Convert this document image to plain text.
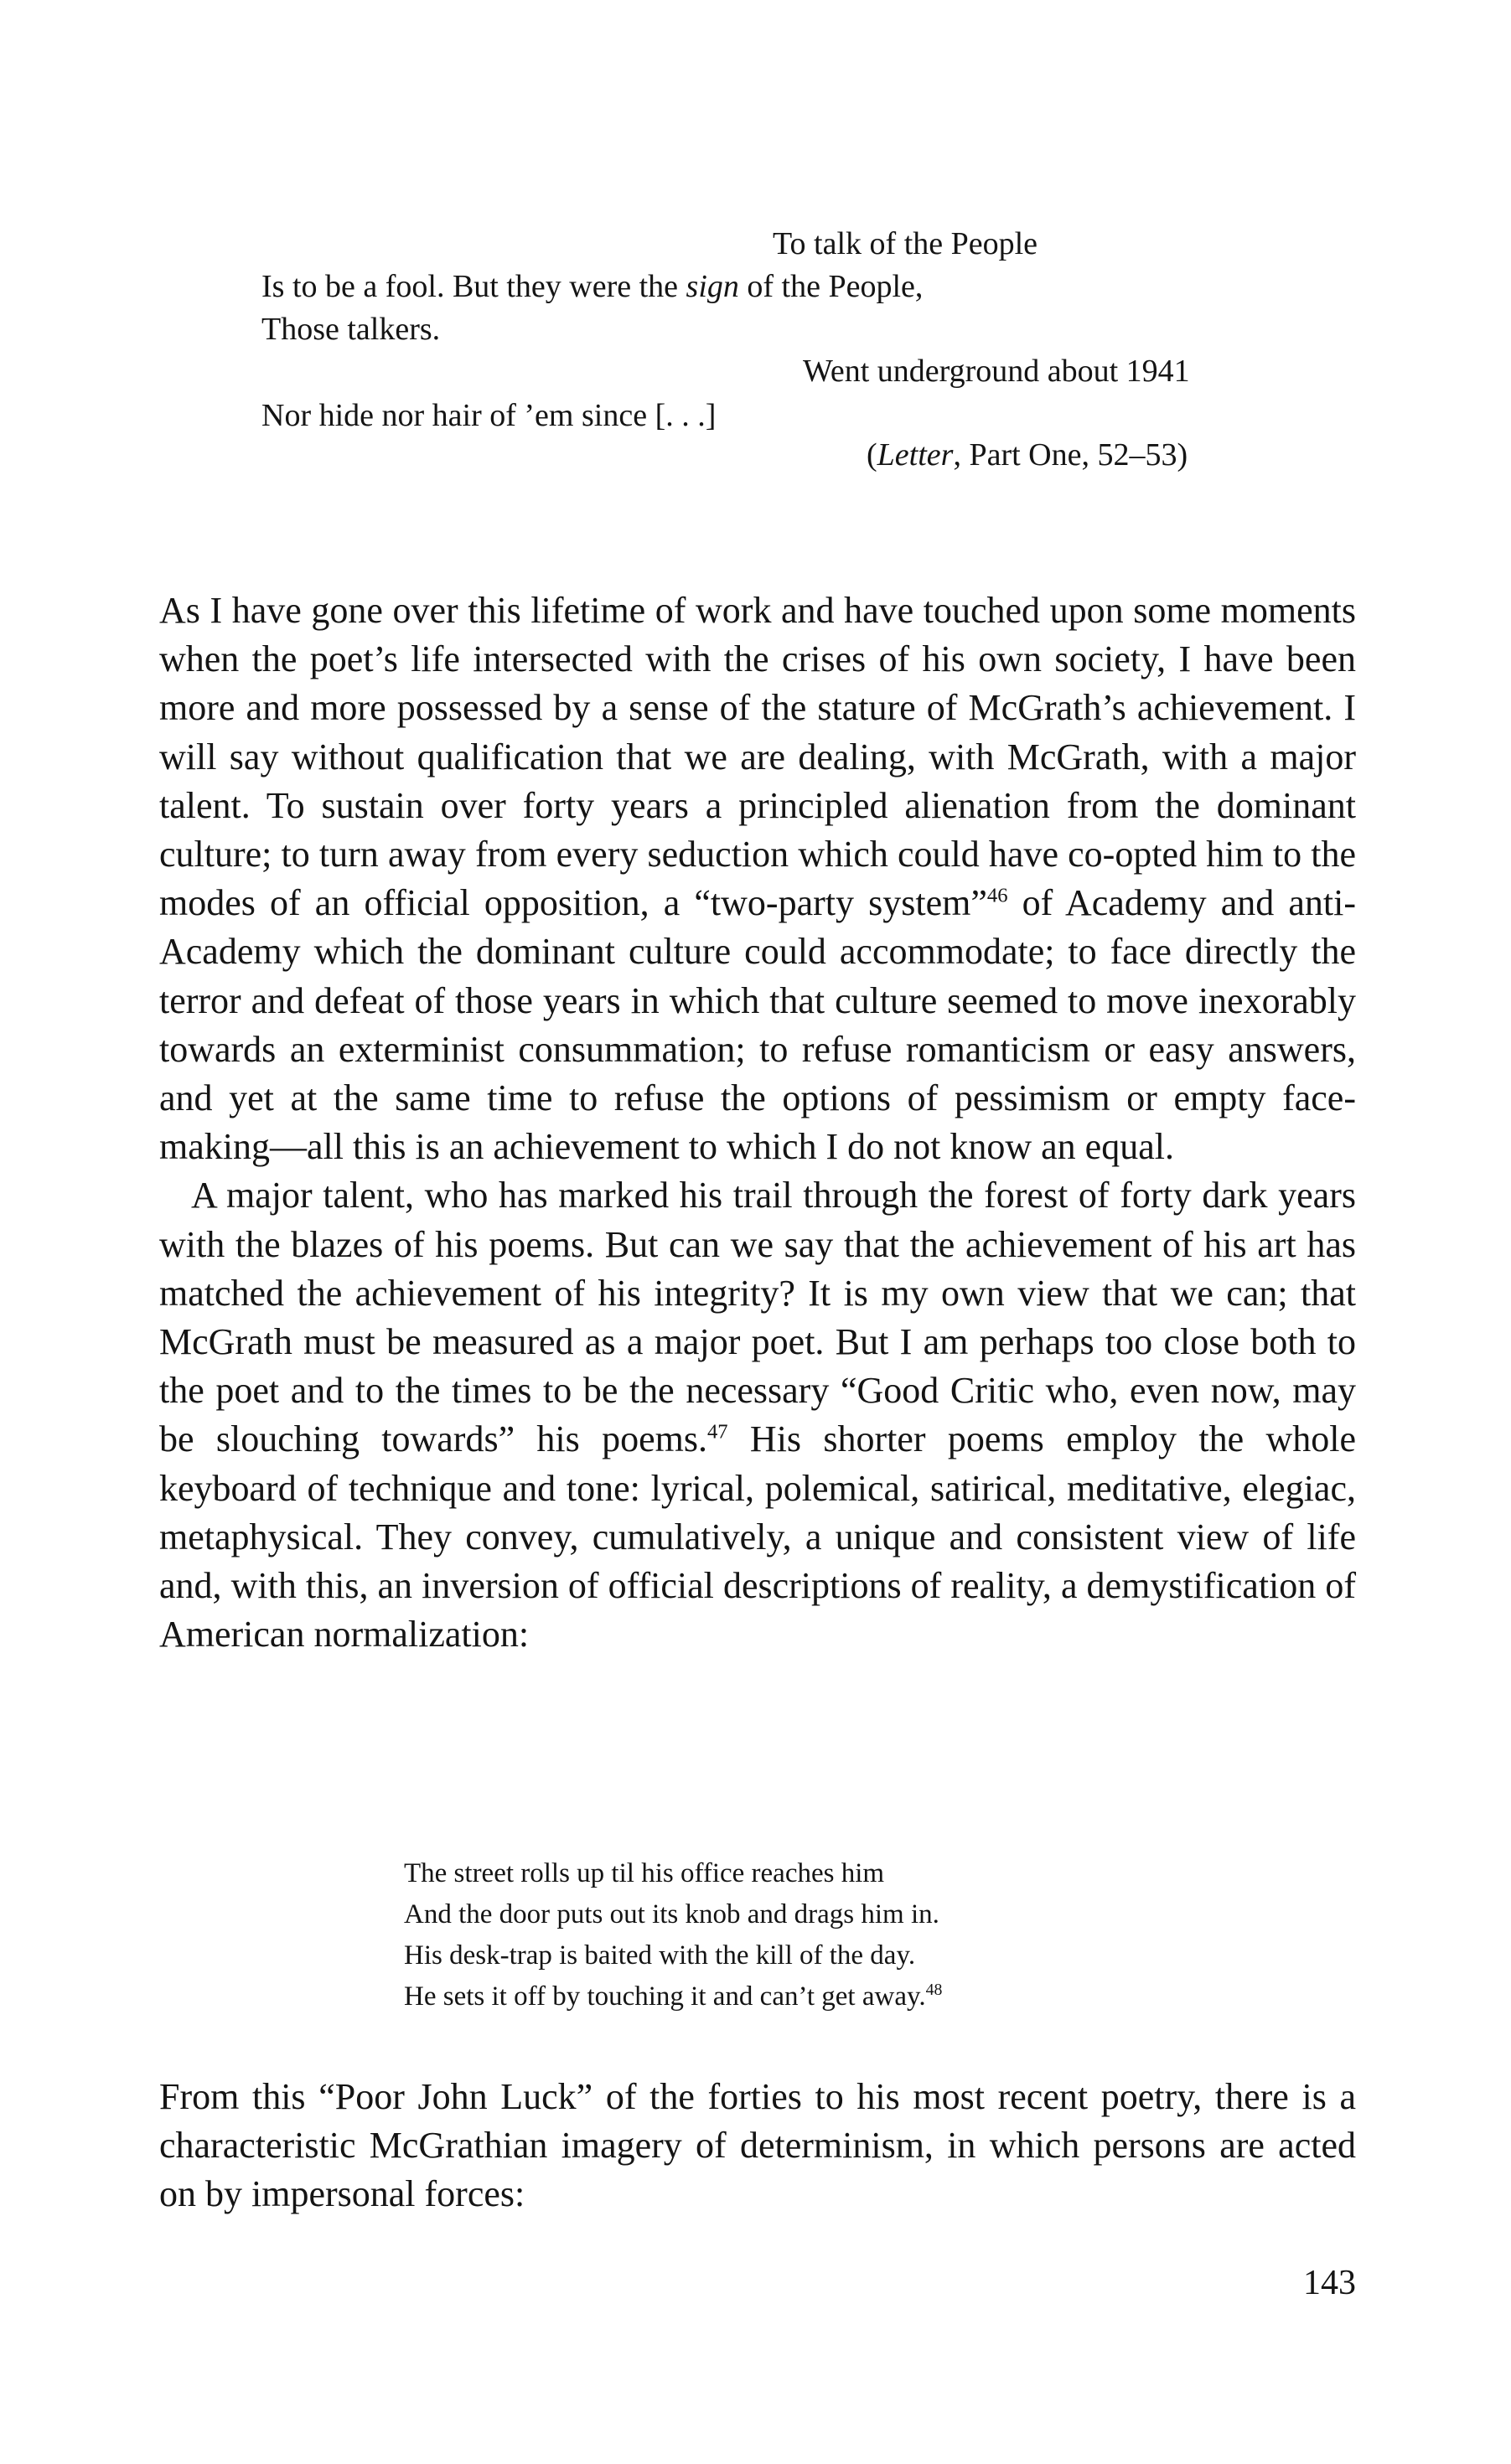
To talk of the People
Is to be a fool. But they were the sign of the People,
Those talkers.
Went underground about 1941
Nor hide nor hair of ’em since [. . .]
(Letter, Part One, 52–53)

As I have gone over this lifetime of work and have touched upon some moments when the poet’s life intersected with the crises of his own society, I have been more and more possessed by a sense of the stature of McGrath’s achievement. I will say without qualification that we are dealing, with McGrath, with a major talent. To sustain over forty years a principled alienation from the dominant culture; to turn away from every seduction which could have co-opted him to the modes of an official opposition, a “two-party system”$^{46}$ of Academy and anti-Academy which the dominant culture could accommodate; to face directly the terror and defeat of those years in which that culture seemed to move inexorably towards an exterminist consummation; to refuse romanticism or easy answers, and yet at the same time to refuse the options of pessimism or empty face-making—all this is an achievement to which I do not know an equal.

A major talent, who has marked his trail through the forest of forty dark years with the blazes of his poems. But can we say that the achievement of his art has matched the achievement of his integrity? It is my own view that we can; that McGrath must be measured as a major poet. But I am perhaps too close both to the poet and to the times to be the necessary “Good Critic who, even now, may be slouching towards” his poems.$^{47}$ His shorter poems employ the whole keyboard of technique and tone: lyrical, polemical, satirical, meditative, elegiac, metaphysical. They convey, cumulatively, a unique and consistent view of life and, with this, an inversion of official descriptions of reality, a demystification of American normalization:

The street rolls up til his office reaches him
And the door puts out its knob and drags him in.
His desk-trap is baited with the kill of the day.
He sets it off by touching it and can’t get away.$^{48}$

From this “Poor John Luck” of the forties to his most recent poetry, there is a characteristic McGrathian imagery of determinism, in which persons are acted on by impersonal forces:

143
